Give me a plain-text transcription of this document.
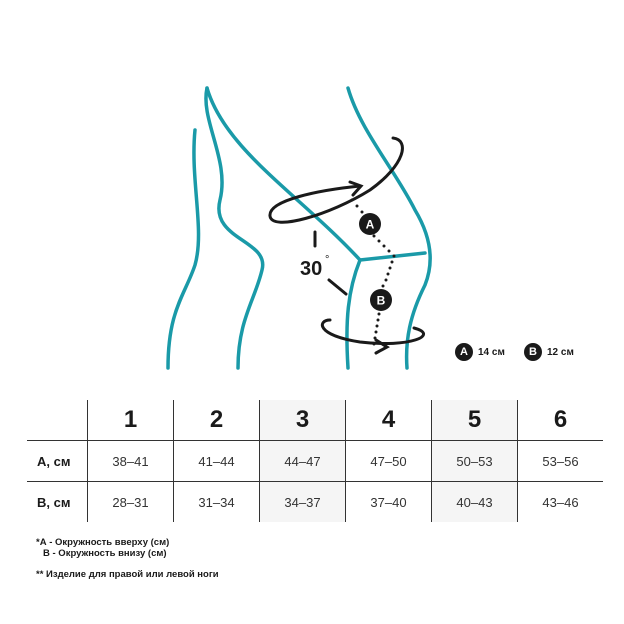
A
B
30 °
A	14 см	B	12 см
	1	2	3	4	5	6
A, см	38–41	41–44	44–47	47–50	50–53	53–56
B, см	28–31	31–34	34–37	37–40	40–43	43–46
*А - Окружность вверху (см)
В - Окружность внизу (см)
** Изделие для правой или левой ноги
